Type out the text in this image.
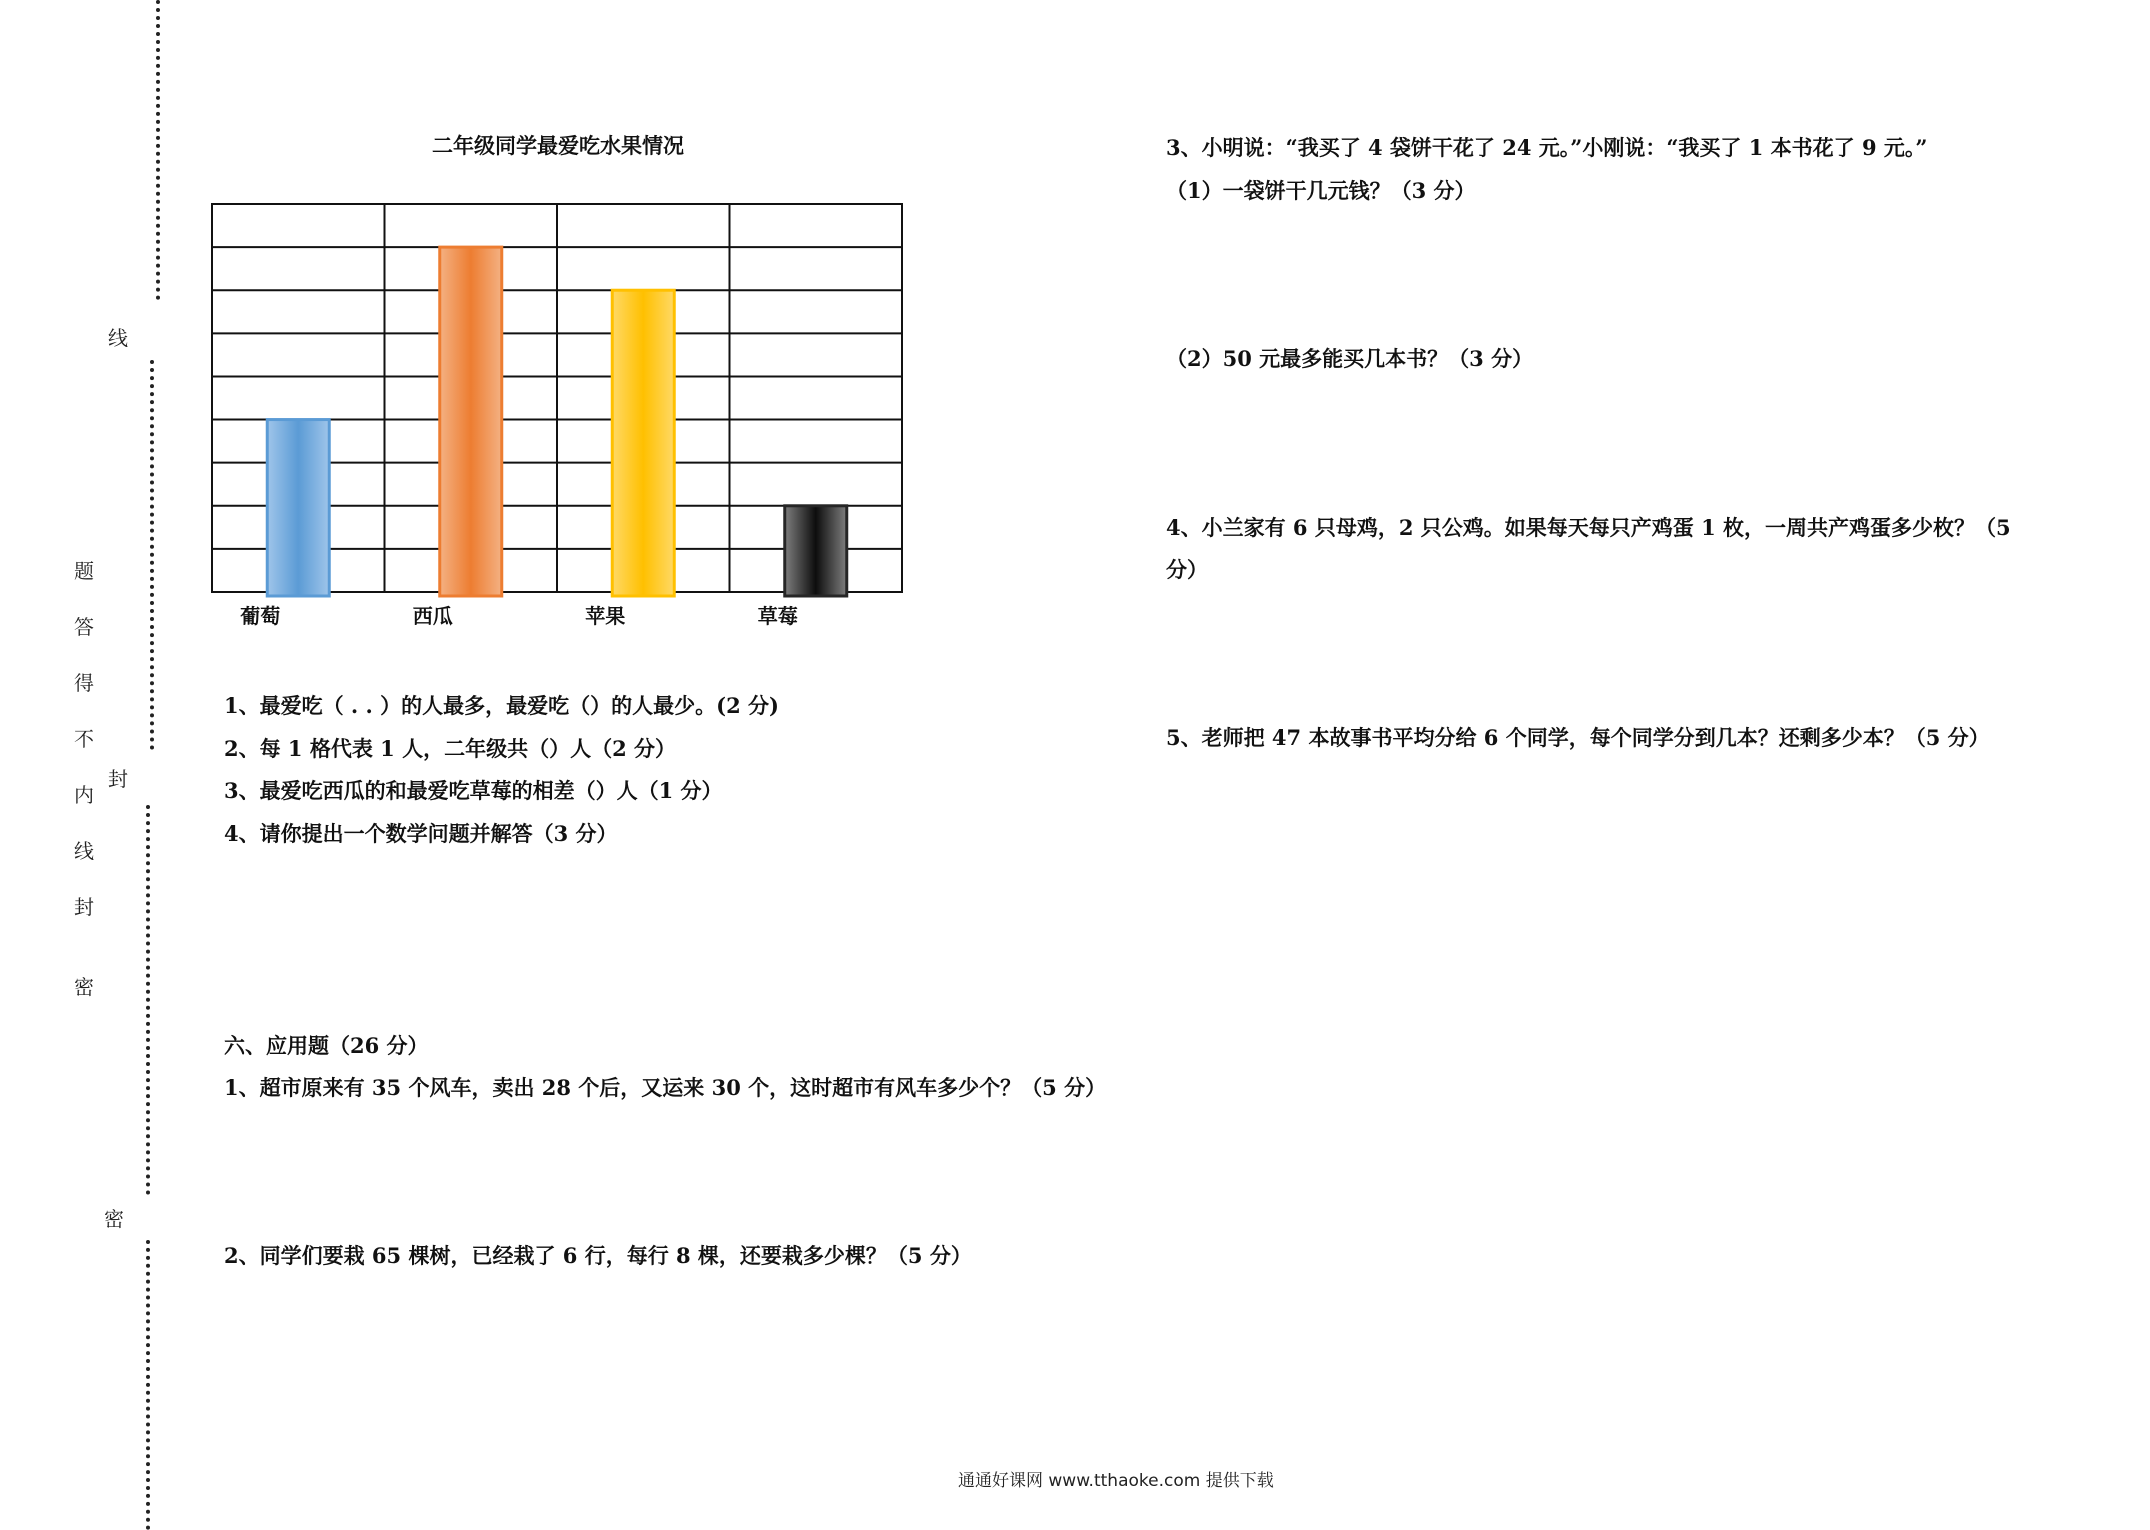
线
题
答
得
不
内
线
封
密
封
密
二年级同学最爱吃水果情况
葡萄	西瓜	苹果	草莓
1、最爱吃（ . . ）的人最多，最爱吃（）的人最少。(2 分)
2、每 1 格代表 1 人，二年级共（）人（2 分）
3、最爱吃西瓜的和最爱吃草莓的相差（）人（1 分）
4、请你提出一个数学问题并解答（3 分）
六、应用题（26 分）
1、超市原来有 35 个风车，卖出 28 个后，又运来 30 个，这时超市有风车多少个？（5 分）
2、同学们要栽 65 棵树，已经栽了 6 行，每行 8 棵，还要栽多少棵？（5 分）
3、小明说：“我买了 4 袋饼干花了 24 元。”小刚说：“我买了 1 本书花了 9 元。”
（1）一袋饼干几元钱？（3 分）
（2）50 元最多能买几本书？（3 分）
4、小兰家有 6 只母鸡，2 只公鸡。如果每天每只产鸡蛋 1 枚，一周共产鸡蛋多少枚？（5
分）
5、老师把 47 本故事书平均分给 6 个同学，每个同学分到几本？还剩多少本？（5 分）
通通好课网 www.tthaoke.com 提供下载
